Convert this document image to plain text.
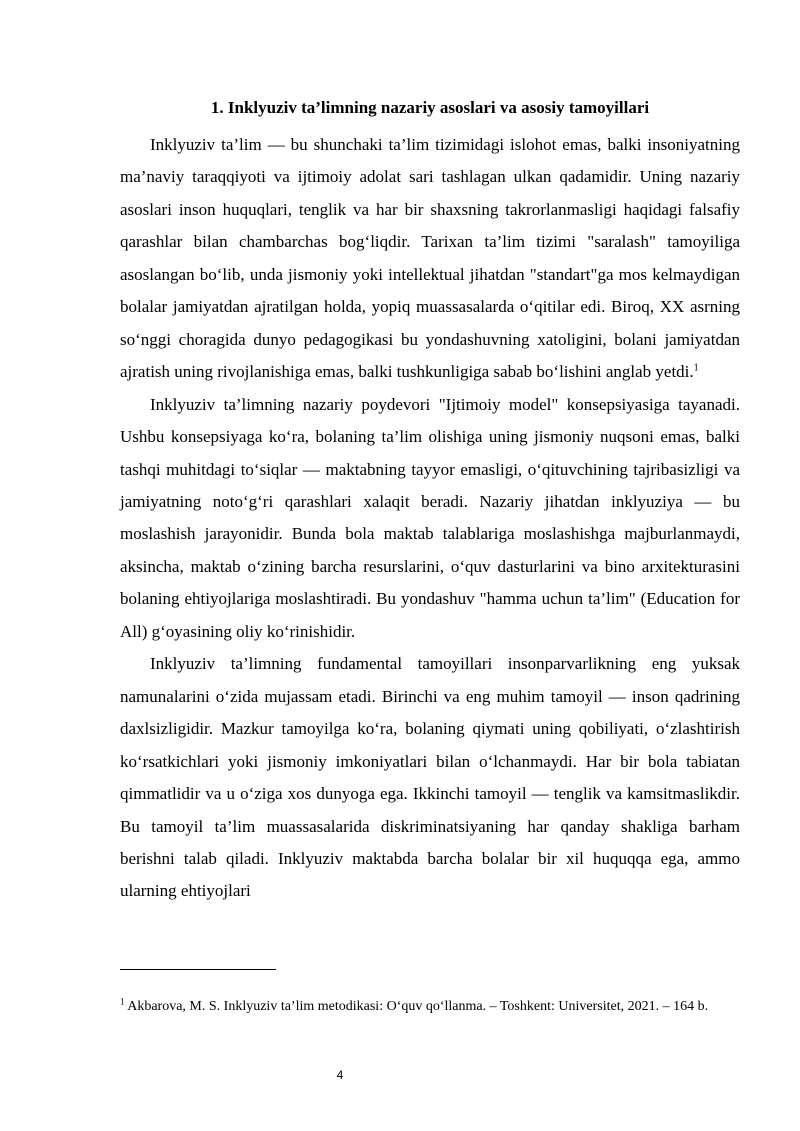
1. Inklyuziv ta’limning nazariy asoslari va asosiy tamoyillari

Inklyuziv ta’lim — bu shunchaki ta’lim tizimidagi islohot emas, balki insoniyatning ma’naviy taraqqiyoti va ijtimoiy adolat sari tashlagan ulkan qadamidir. Uning nazariy asoslari inson huquqlari, tenglik va har bir shaxsning takrorlanmasligi haqidagi falsafiy qarashlar bilan chambarchas bog‘liqdir. Tarixan ta’lim tizimi "saralash" tamoyiliga asoslangan bo‘lib, unda jismoniy yoki intellektual jihatdan "standart"ga mos kelmaydigan bolalar jamiyatdan ajratilgan holda, yopiq muassasalarda o‘qitilar edi. Biroq, XX asrning so‘nggi choragida dunyo pedagogikasi bu yondashuvning xatoligini, bolani jamiyatdan ajratish uning rivojlanishiga emas, balki tushkunligiga sabab bo‘lishini anglab yetdi.$^1$

Inklyuziv ta’limning nazariy poydevori "Ijtimoiy model" konsepsiyasiga tayanadi. Ushbu konsepsiyaga ko‘ra, bolaning ta’lim olishiga uning jismoniy nuqsoni emas, balki tashqi muhitdagi to‘siqlar — maktabning tayyor emasligi, o‘qituvchining tajribasizligi va jamiyatning noto‘g‘ri qarashlari xalaqit beradi. Nazariy jihatdan inklyuziya — bu moslashish jarayonidir. Bunda bola maktab talablariga moslashishga majburlanmaydi, aksincha, maktab o‘zining barcha resurslarini, o‘quv dasturlarini va bino arxitekturasini bolaning ehtiyojlariga moslashtiradi. Bu yondashuv "hamma uchun ta’lim" (Education for All) g‘oyasining oliy ko‘rinishidir.

Inklyuziv ta’limning fundamental tamoyillari insonparvarlikning eng yuksak namunalarini o‘zida mujassam etadi. Birinchi va eng muhim tamoyil — inson qadrining daxlsizligidir. Mazkur tamoyilga ko‘ra, bolaning qiymati uning qobiliyati, o‘zlashtirish ko‘rsatkichlari yoki jismoniy imkoniyatlari bilan o‘lchanmaydi. Har bir bola tabiatan qimmatlidir va u o‘ziga xos dunyoga ega. Ikkinchi tamoyil — tenglik va kamsitmaslikdir. Bu tamoyil ta’lim muassasalarida diskriminatsiyaning har qanday shakliga barham berishni talab qiladi. Inklyuziv maktabda barcha bolalar bir xil huquqqa ega, ammo ularning ehtiyojlari

$^1$ Akbarova, M. S. Inklyuziv ta’lim metodikasi: O‘quv qo‘llanma. – Toshkent: Universitet, 2021. – 164 b.

4
